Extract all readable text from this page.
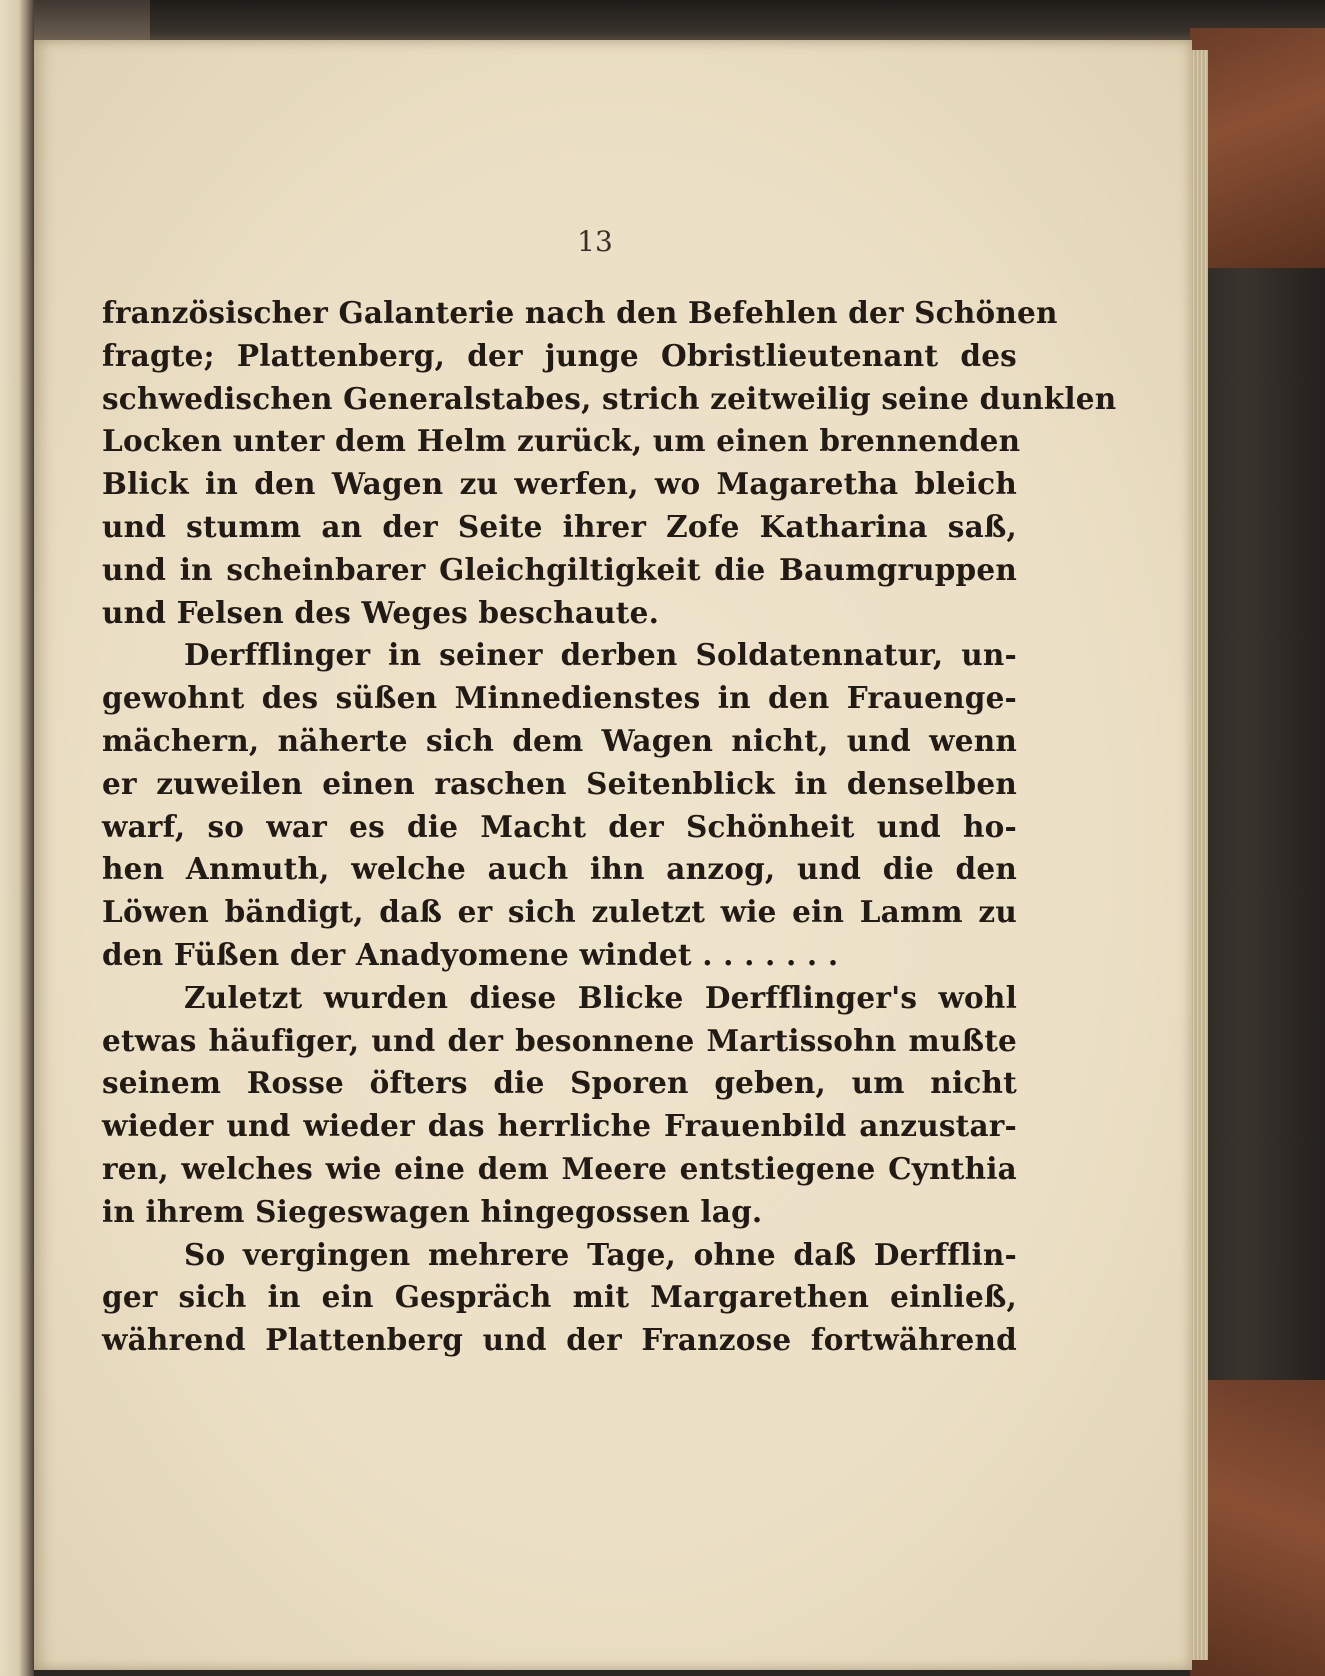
13
französischer Galanterie nach den Befehlen der Schönen
fragte; Plattenberg, der junge Obristlieutenant des
schwedischen Generalstabes, strich zeitweilig seine dunklen
Locken unter dem Helm zurück, um einen brennenden
Blick in den Wagen zu werfen, wo Magaretha bleich
und stumm an der Seite ihrer Zofe Katharina saß,
und in scheinbarer Gleichgiltigkeit die Baumgruppen
und Felsen des Weges beschaute.
Derfflinger in seiner derben Soldatennatur, un-
gewohnt des süßen Minnedienstes in den Frauenge-
mächern, näherte sich dem Wagen nicht, und wenn
er zuweilen einen raschen Seitenblick in denselben
warf, so war es die Macht der Schönheit und ho-
hen Anmuth, welche auch ihn anzog, und die den
Löwen bändigt, daß er sich zuletzt wie ein Lamm zu
den Füßen der Anadyomene windet . . . . . . .
Zuletzt wurden diese Blicke Derfflinger's wohl
etwas häufiger, und der besonnene Martissohn mußte
seinem Rosse öfters die Sporen geben, um nicht
wieder und wieder das herrliche Frauenbild anzustar-
ren, welches wie eine dem Meere entstiegene Cynthia
in ihrem Siegeswagen hingegossen lag.
So vergingen mehrere Tage, ohne daß Derfflin-
ger sich in ein Gespräch mit Margarethen einließ,
während Plattenberg und der Franzose fortwährend
